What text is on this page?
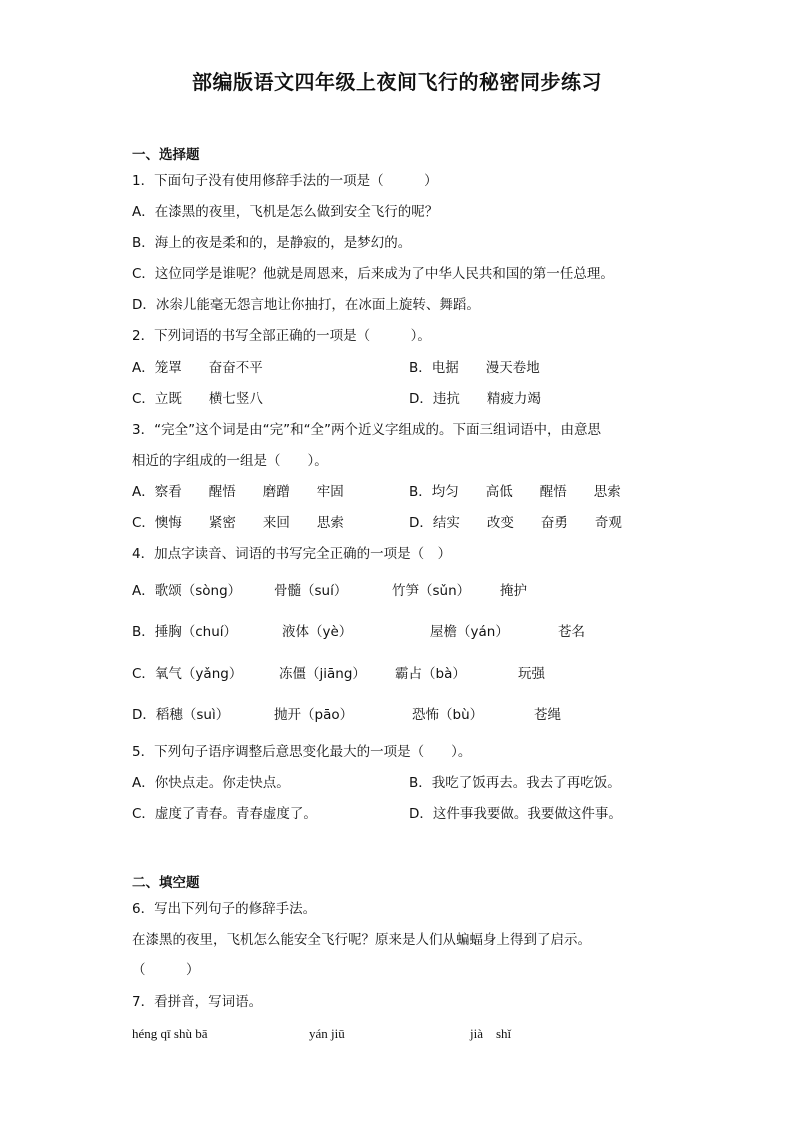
部编版语文四年级上夜间飞行的秘密同步练习
一、选择题
1．下面句子没有使用修辞手法的一项是（　　　）
A．在漆黑的夜里，飞机是怎么做到安全飞行的呢？
B．海上的夜是柔和的，是静寂的，是梦幻的。
C．这位同学是谁呢？他就是周恩来，后来成为了中华人民共和国的第一任总理。
D．冰尜儿能毫无怨言地让你抽打，在冰面上旋转、舞蹈。
2．下列词语的书写全部正确的一项是（　　　）。
A．笼罩　　奋奋不平	B．电据　　漫天卷地
C．立既　　横七竖八	D．违抗　　精疲力竭
3．“完全”这个词是由“完”和“全”两个近义字组成的。下面三组词语中，由意思
相近的字组成的一组是（　　）。
A．察看　　醒悟　　磨蹭　　牢固	B．均匀　　高低　　醒悟　　思索
C．懊悔　　紧密　　来回　　思索	D．结实　　改变　　奋勇　　奇观
4．加点字读音、词语的书写完全正确的一项是（　）
A．歌颂（sòng） 骨髓（suí）	竹笋（sǔn） 掩护
B．捶胸（chuí）	液体（yè）	屋檐（yán）	苍名
C．氧气（yǎng）	冻僵（jiāng） 霸占（bà）	玩强
D．稻穗（suì）	抛开（pāo）	恐怖（bù）	苍绳
5．下列句子语序调整后意思变化最大的一项是（　　）。
A．你快点走。你走快点。	B．我吃了饭再去。我去了再吃饭。
C．虚度了青春。青春虚度了。	D．这件事我要做。我要做这件事。
二、填空题
6．写出下列句子的修辞手法。
在漆黑的夜里，飞机怎么能安全飞行呢？原来是人们从蝙蝠身上得到了启示。
（　　　）
7．看拼音，写词语。
héng qī shù bā	yán jiū	jià　shǐ
